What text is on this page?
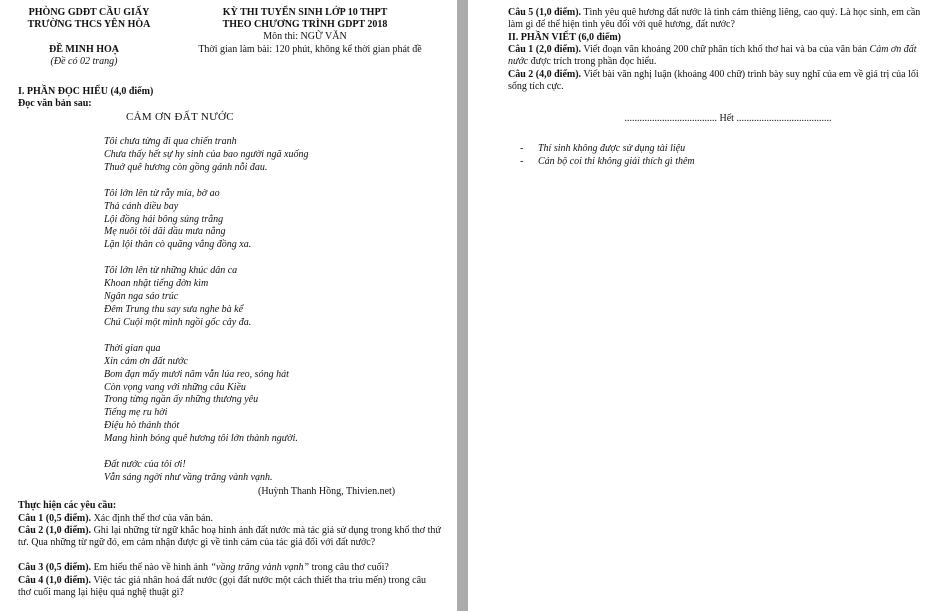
PHÒNG GDĐT CẦU GIẤY
TRƯỜNG THCS YÊN HÒA
KỲ THI TUYỂN SINH LỚP 10 THPT
THEO CHƯƠNG TRÌNH GDPT 2018
Môn thi: NGỮ VĂN
ĐỀ MINH HOẠ
(Đề có 02 trang)
Thời gian làm bài: 120 phút, không kể thời gian phát đề
I. PHẦN ĐỌC HIỂU (4,0 điểm)
Đọc văn bản sau:
CẢM ƠN ĐẤT NƯỚC
Tôi chưa từng đi qua chiến tranh
Chưa thấy hết sự hy sinh của bao người ngã xuống
Thuở quê hương còn gồng gánh nỗi đau.
Tôi lớn lên từ rẫy mía, bờ ao
Thả cánh diều bay
Lội đồng hái bông súng trắng
Mẹ nuôi tôi dãi dầu mưa nắng
Lặn lội thân cò quãng vắng đồng xa.
Tôi lớn lên từ những khúc dân ca
Khoan nhặt tiếng đờn kìm
Ngân nga sáo trúc
Đêm Trung thu say sưa nghe bà kể
Chú Cuội một mình ngồi gốc cây đa.
Thời gian qua
Xin cảm ơn đất nước
Bom đạn mấy mươi năm vẫn lúa reo, sóng hát
Còn vọng vang với những câu Kiều
Trong từng ngần ấy những thương yêu
Tiếng mẹ ru hời
Điệu hò thánh thót
Mang hình bóng quê hương tôi lớn thành người.
Đất nước của tôi ơi!
Vẫn sáng ngời như vầng trăng vành vạnh.
(Huỳnh Thanh Hồng, Thivien.net)
Thực hiện các yêu cầu:
Câu 1 (0,5 điểm). Xác định thể thơ của văn bản.
Câu 2 (1,0 điểm). Ghi lại những từ ngữ khắc hoạ hình ảnh đất nước mà tác giả sử dụng trong khổ thơ thứ tư. Qua những từ ngữ đó, em cảm nhận được gì về tình cảm của tác giả đối với đất nước?
Câu 3 (0,5 điểm). Em hiểu thế nào về hình ảnh “vầng trăng vành vạnh” trong câu thơ cuối?
Câu 4 (1,0 điểm). Việc tác giả nhân hoá đất nước (gọi đất nước một cách thiết tha trìu mến) trong câu thơ cuối mang lại hiệu quả nghệ thuật gì?
Câu 5 (1,0 điểm). Tình yêu quê hương đất nước là tình cảm thiêng liêng, cao quý. Là học sinh, em cần làm gì để thể hiện tình yêu đối với quê hương, đất nước?
II. PHẦN VIẾT (6,0 điểm)
Câu 1 (2,0 điểm). Viết đoạn văn khoảng 200 chữ phân tích khổ thơ hai và ba của văn bản Cảm ơn đất nước được trích trong phần đọc hiểu.
Câu 2 (4,0 điểm). Viết bài văn nghị luận (khoảng 400 chữ) trình bày suy nghĩ của em về giá trị của lối sống tích cực.
..................................... Hết ......................................
- Thí sinh không được sử dụng tài liệu
- Cán bộ coi thi không giải thích gì thêm
